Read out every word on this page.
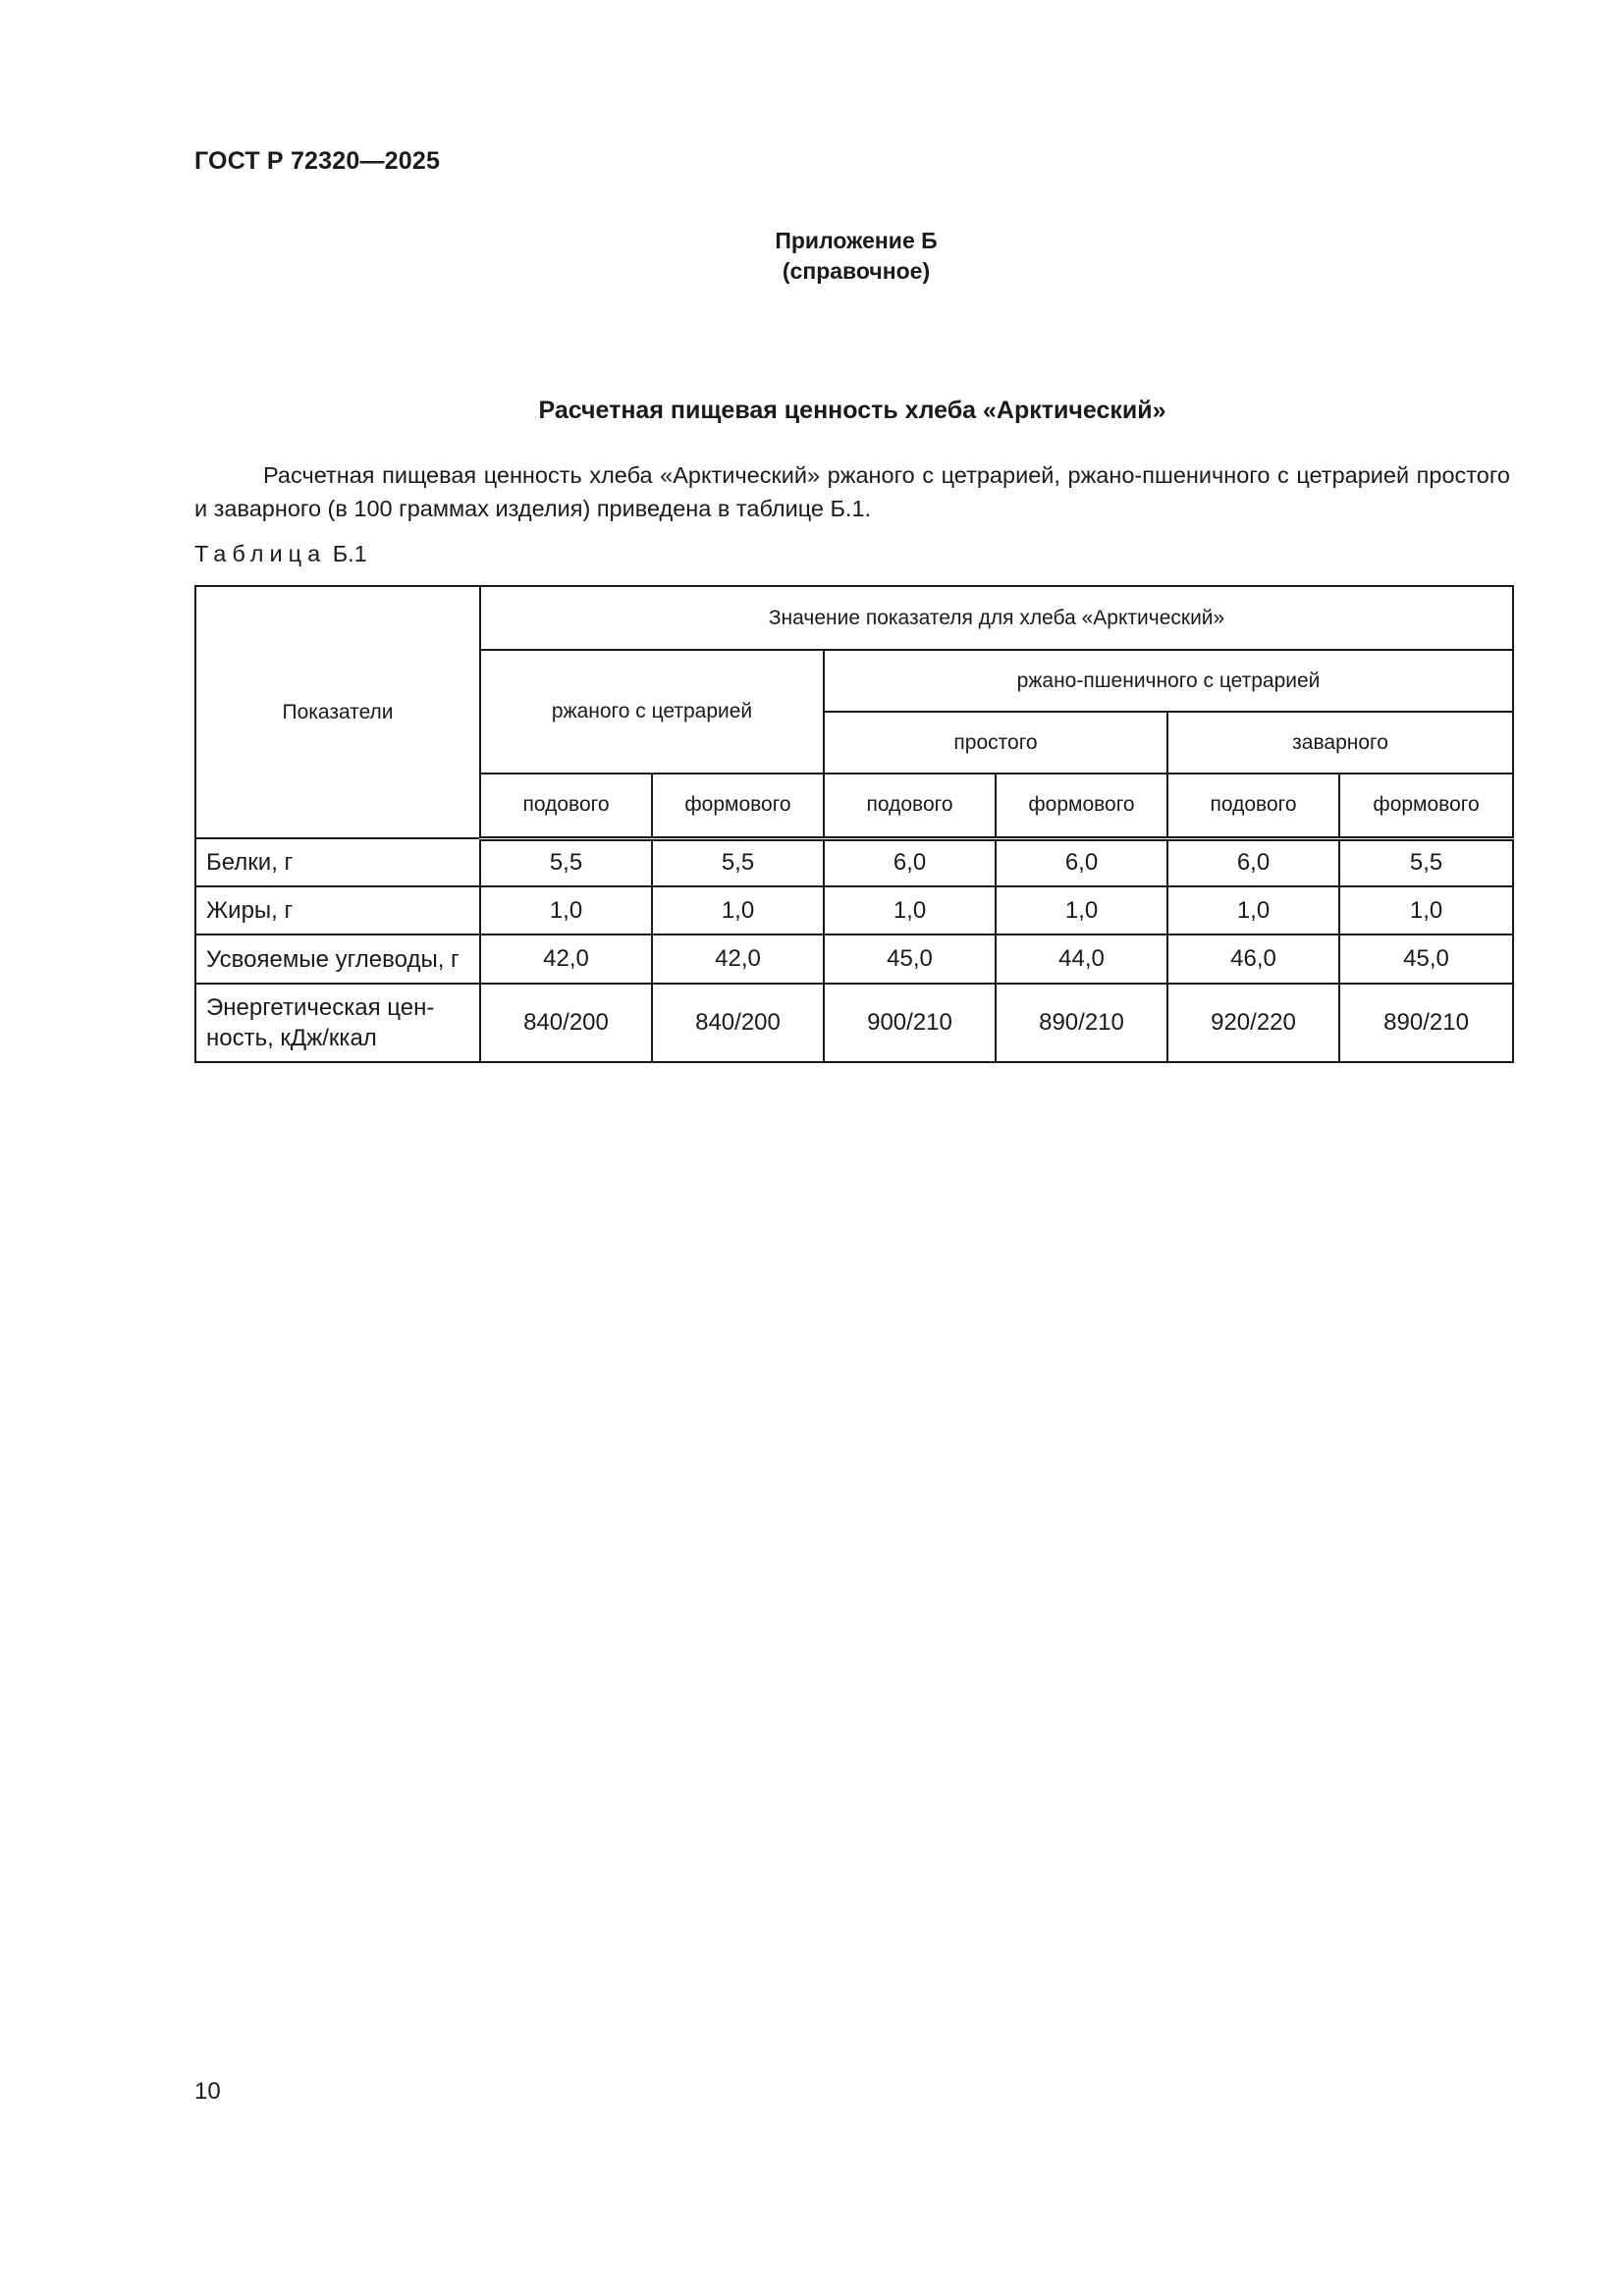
ГОСТ Р 72320—2025
Приложение Б
(справочное)
Расчетная пищевая ценность хлеба «Арктический»

Расчетная пищевая ценность хлеба «Арктический» ржаного с цетрарией, ржано-пшеничного с цетрарией простого и заварного (в 100 граммах изделия) приведена в таблице Б.1.

Таблица Б.1
Показатели	Значение показателя для хлеба «Арктический»					
	ржаного с цетрарией		ржано-пшеничного с цетрарией			
			простого		заварного	
	подового	формового	подового	формового	подового	формового
Белки, г	5,5	5,5	6,0	6,0	6,0	5,5
Жиры, г	1,0	1,0	1,0	1,0	1,0	1,0
Усвояемые углеводы, г	42,0	42,0	45,0	44,0	46,0	45,0

Энергетическая цен-
ность, кДж/ккал	840/200	840/200	900/210	890/210	920/220	890/210
10
